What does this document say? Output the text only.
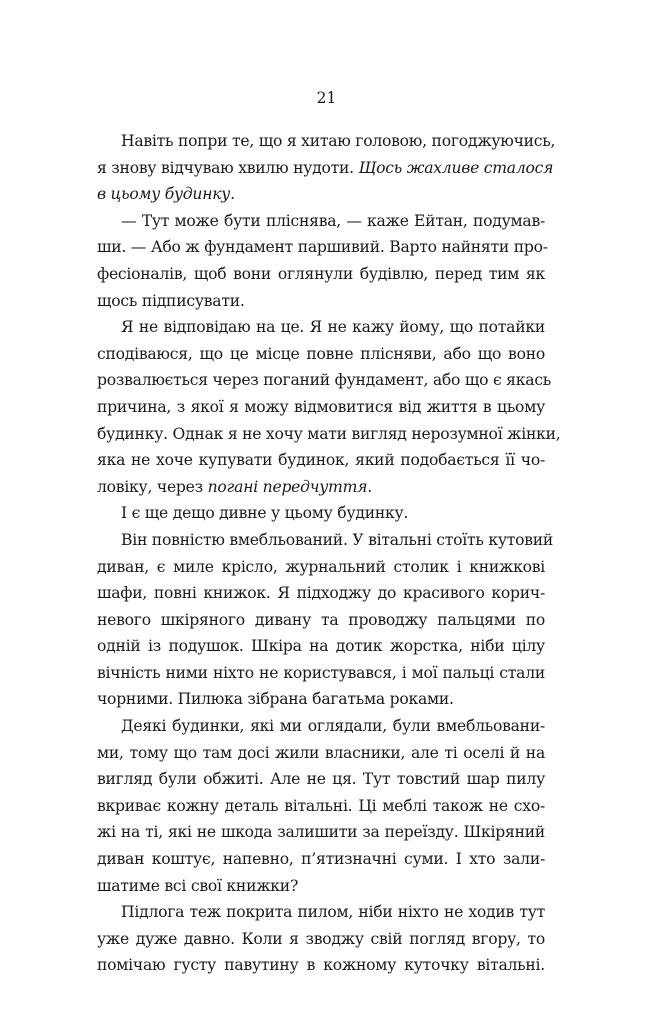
21
Навіть попри те, що я хитаю головою, погоджуючись,
я знову відчуваю хвилю нудоти. Щось жахливе сталося
в цьому будинку.
— Тут може бути пліснява, — каже Ейтан, подумав-
ши. — Або ж фундамент паршивий. Варто найняти про-
фесіоналів, щоб вони оглянули будівлю, перед тим як
щось підписувати.
Я не відповідаю на це. Я не кажу йому, що потайки
сподіваюся, що це місце повне плісняви, або що воно
розвалюється через поганий фундамент, або що є якась
причина, з якої я можу відмовитися від життя в цьому
будинку. Однак я не хочу мати вигляд нерозумної жінки,
яка не хоче купувати будинок, який подобається її чо-
ловіку, через погані передчуття.
І є ще дещо дивне у цьому будинку.
Він повністю вмебльований. У вітальні стоїть кутовий
диван, є миле крісло, журнальний столик і книжкові
шафи, повні книжок. Я підходжу до красивого корич-
невого шкіряного дивану та проводжу пальцями по
одній із подушок. Шкіра на дотик жорстка, ніби цілу
вічність ними ніхто не користувався, і мої пальці стали
чорними. Пилюка зібрана багатьма роками.
Деякі будинки, які ми оглядали, були вмебльовани-
ми, тому що там досі жили власники, але ті оселі й на
вигляд були обжиті. Але не ця. Тут товстий шар пилу
вкриває кожну деталь вітальні. Ці меблі також не схо-
жі на ті, які не шкода залишити за переїзду. Шкіряний
диван коштує, напевно, п’ятизначні суми. І хто зали-
шатиме всі свої книжки?
Підлога теж покрита пилом, ніби ніхто не ходив тут
уже дуже давно. Коли я зводжу свій погляд вгору, то
помічаю густу павутину в кожному куточку вітальні.
